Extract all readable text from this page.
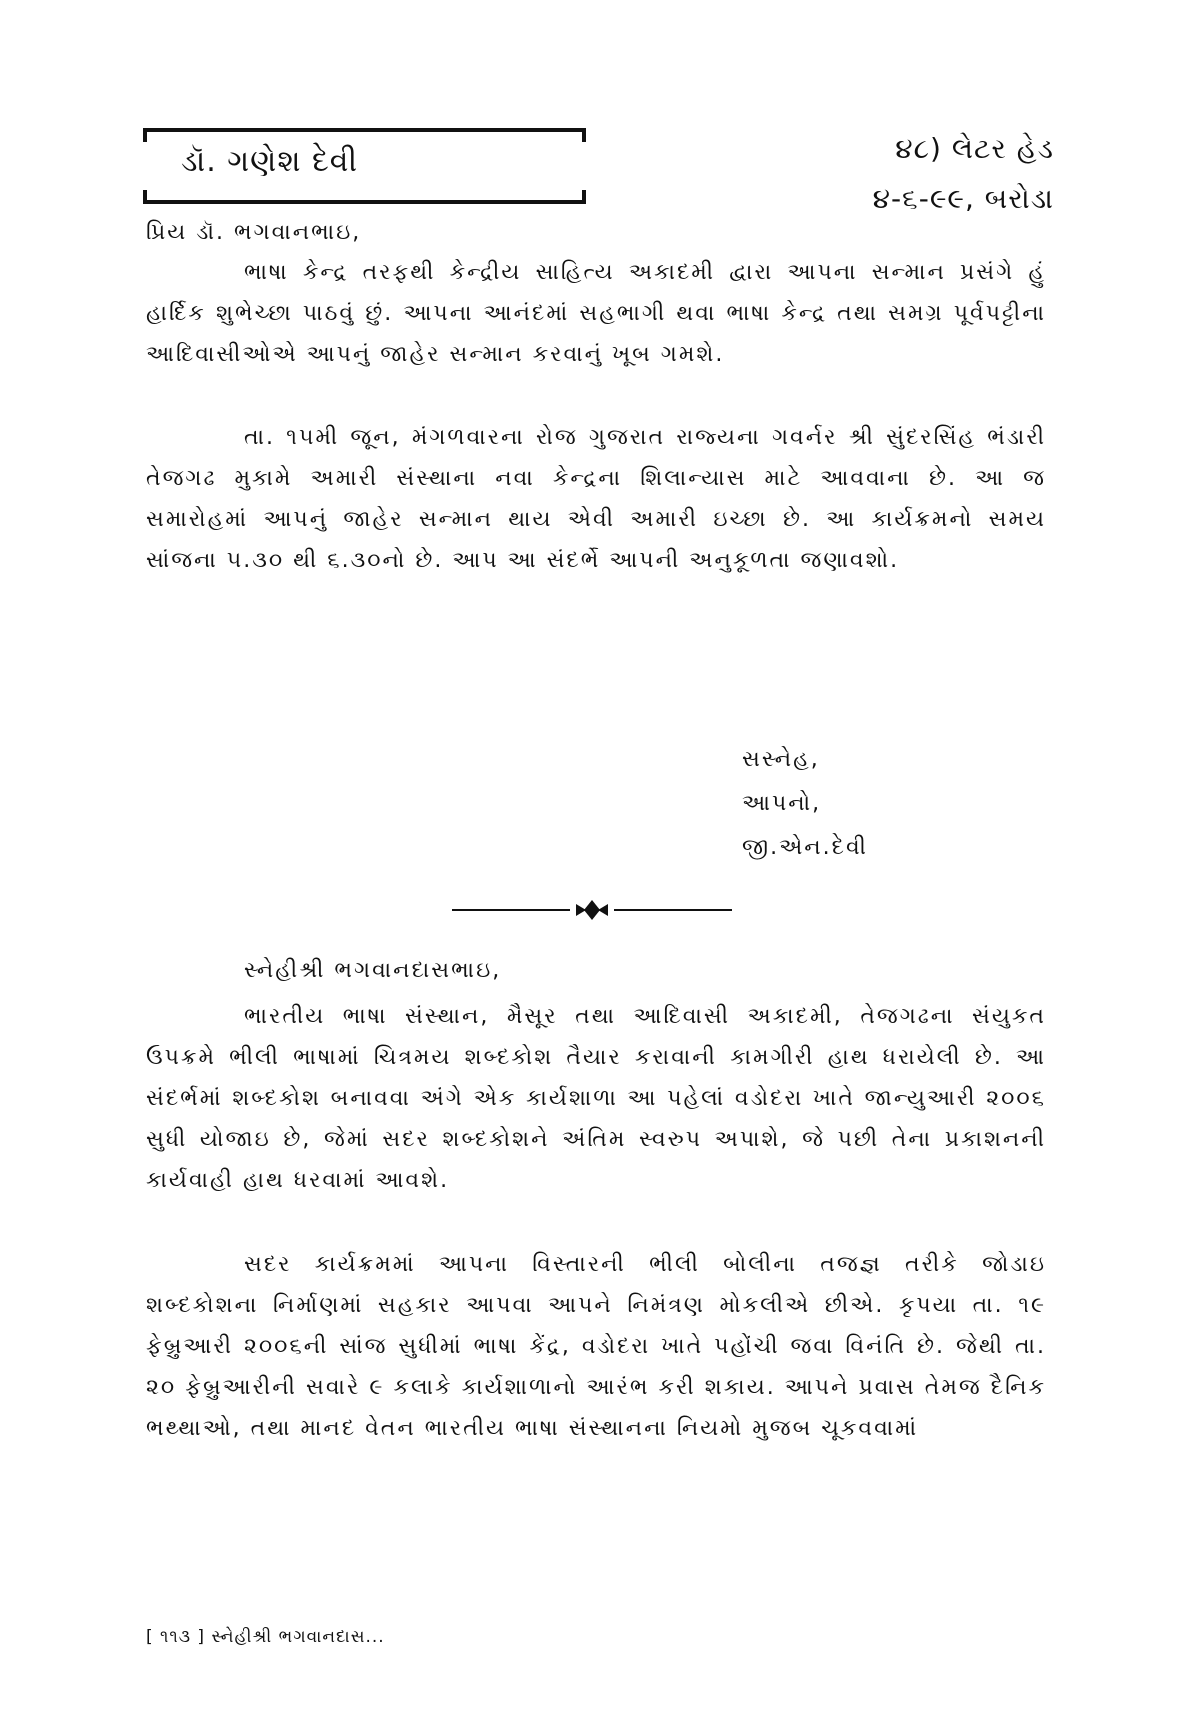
ડૉ. ગણેશ દેવી	૪૮) લેટર હેડ
૪-૬-૯૯, બરોડા
પ્રિય ડૉ. ભગવાનભાઇ,

ભાષા કેન્દ્ર તરફથી કેન્દ્રીય સાહિત્ય અકાદમી દ્વારા આપના સન્માન પ્રસંગે હું હાર્દિક શુભેચ્છા પાઠવું છું. આપના આનંદમાં સહભાગી થવા ભાષા કેન્દ્ર તથા સમગ્ર પૂર્વપટ્ટીના આદિવાસીઓએ આપનું જાહેર સન્માન કરવાનું ખૂબ ગમશે.

તા. ૧૫મી જૂન, મંગળવારના રોજ ગુજરાત રાજ્યના ગવર્નર શ્રી સુંદરસિંહ ભંડારી તેજગઢ મુકામે અમારી સંસ્થાના નવા કેન્દ્રના શિલાન્યાસ માટે આવવાના છે. આ જ સમારોહમાં આપનું જાહેર સન્માન થાય એવી અમારી ઇચ્છા છે. આ કાર્યક્રમનો સમય સાંજના ૫.૩૦ થી ૬.૩૦નો છે. આપ આ સંદર્ભે આપની અનુકૂળતા જણાવશો.

સસ્નેહ,
આપનો,
જી.એન.દેવી
સ્નેહીશ્રી ભગવાનદાસભાઇ,

ભારતીય ભાષા સંસ્થાન, મૈસૂર તથા આદિવાસી અકાદમી, તેજગઢના સંયુકત ઉપક્રમે ભીલી ભાષામાં ચિત્રમય શબ્દકોશ તૈયાર કરાવાની કામગીરી હાથ ધરાયેલી છે. આ સંદર્ભમાં શબ્દકોશ બનાવવા અંગે એક કાર્યશાળા આ પહેલાં વડોદરા ખાતે જાન્યુઆરી ૨૦૦૬ સુધી યોજાઇ છે, જેમાં સદર શબ્દકોશને અંતિમ સ્વરુપ અપાશે, જે પછી તેના પ્રકાશનની કાર્યવાહી હાથ ધરવામાં આવશે.

સદર કાર્યક્રમમાં આપના વિસ્તારની ભીલી બોલીના તજજ્ઞ તરીકે જોડાઇ શબ્દકોશના નિર્માણમાં સહકાર આપવા આપને નિમંત્રણ મોકલીએ છીએ. કૃપયા તા. ૧૯ ફેબ્રુઆરી ૨૦૦૬ની સાંજ સુધીમાં ભાષા કેંદ્ર, વડોદરા ખાતે પહોંચી જવા વિનંતિ છે. જેથી તા. ૨૦ ફેબ્રુઆરીની સવારે ૯ કલાકે કાર્યશાળાનો આરંભ કરી શકાય. આપને પ્રવાસ તેમજ દૈનિક ભથ્થાઓ, તથા માનદ વેતન ભારતીય ભાષા સંસ્થાનના નિયમો મુજબ ચૂકવવામાં

[ ૧૧૩ ] સ્નેહીશ્રી ભગવાનદાસ...
